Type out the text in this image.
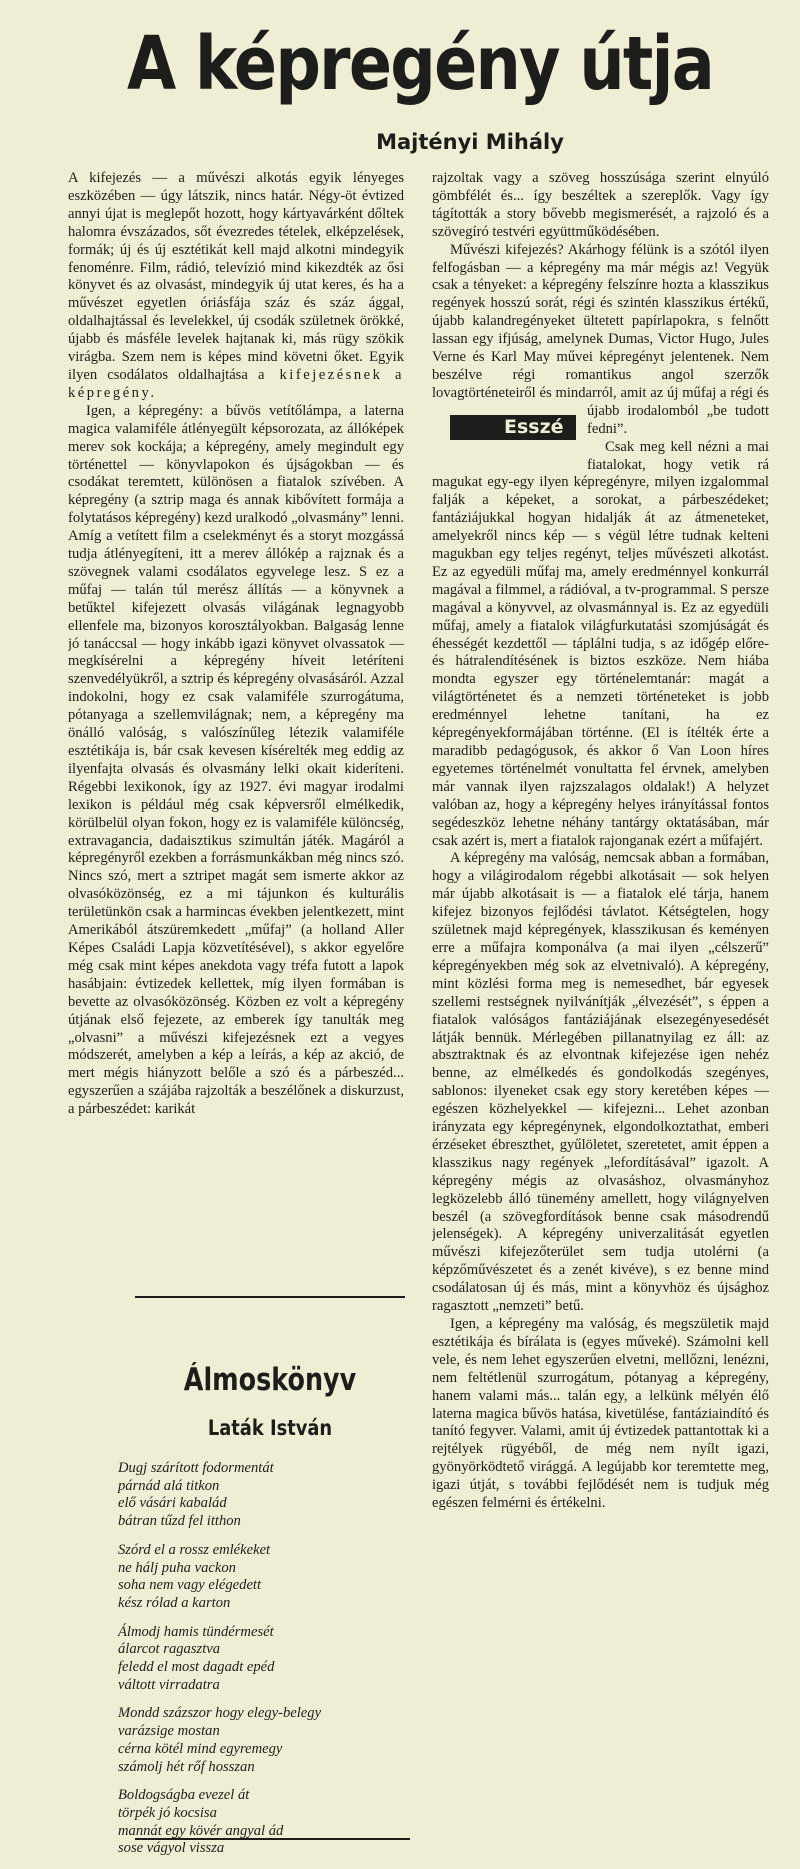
A képregény útja
Majtényi Mihály

A kifejezés — a művészi alkotás egyik lényeges eszközében — úgy látszik, nincs határ. Négy-öt évtized annyi újat is meglepőt hozott, hogy kártyavárként dőltek halomra évszázados, sőt évezredes tételek, elképzelések, formák; új és új esztétikát kell majd alkotni mindegyik fenoménre. Film, rádió, televízió mind kikezdték az ősi könyvet és az olvasást, mindegyik új utat keres, és ha a művészet egyetlen óriásfája száz és száz ággal, oldalhajtással és levelekkel, új csodák születnek örökké, újabb és másféle levelek hajtanak ki, más rügy szökik virágba. Szem nem is képes mind követni őket. Egyik ilyen csodálatos oldalhajtása a kifejezésnek a képregény.

Igen, a képregény: a bűvös vetítőlámpa, a laterna magica valamiféle átlényegült képsorozata, az állóképek merev sok kockája; a képregény, amely megindult egy történettel — könyvlapokon és újságokban — és csodákat teremtett, különösen a fiatalok szívében. A képregény (a sztrip maga és annak kibővített formája a folytatásos képregény) kezd uralkodó „olvasmány” lenni. Amíg a vetített film a cselekményt és a storyt mozgássá tudja átlényegíteni, itt a merev állókép a rajznak és a szövegnek valami csodálatos egyvelege lesz. S ez a műfaj — talán túl merész állítás — a könyvnek a betűktel kifejezett olvasás világának legnagyobb ellenfele ma, bizonyos korosztályokban. Balgaság lenne jó tanáccsal — hogy inkább igazi könyvet olvassatok — megkísérelni a képregény híveit letéríteni szenvedélyükről, a sztrip és képregény olvasásáról. Azzal indokolni, hogy ez csak valamiféle szurrogátuma, pótanyaga a szellemvilágnak; nem, a képregény ma önálló valóság, s valószínűleg létezik valamiféle esztétikája is, bár csak kevesen kísérelték meg eddig az ilyenfajta olvasás és olvasmány lelki okait kideríteni. Régebbi lexikonok, így az 1927. évi magyar irodalmi lexikon is például még csak képversről elmélkedik, körülbelül olyan fokon, hogy ez is valamiféle különcség, extravagancia, dadaisztikus szimultán játék. Magáról a képregényről ezekben a forrásmunkákban még nincs szó. Nincs szó, mert a sztripet magát sem ismerte akkor az olvasóközönség, ez a mi tájunkon és kulturális területünkön csak a harmincas években jelentkezett, mint Amerikából átszüremkedett „műfaj” (a holland Aller Képes Családi Lapja közvetítésével), s akkor egyelőre még csak mint képes anekdota vagy tréfa futott a lapok hasábjain: évtizedek kellettek, míg ilyen formában is bevette az olvasóközönség. Közben ez volt a képregény útjának első fejezete, az emberek így tanulták meg „olvasni” a művészi kifejezésnek ezt a vegyes módszerét, amelyben a kép a leírás, a kép az akció, de mert mégis hiányzott belőle a szó és a párbeszéd... egyszerűen a szájába rajzolták a beszélőnek a diskurzust, a párbeszédet: karikát

rajzoltak vagy a szöveg hosszúsága szerint elnyúló gömbfélét és... így beszéltek a szereplők. Vagy így tágították a story bővebb megismerését, a rajzoló és a szövegíró testvéri együttműködésében.

Művészi kifejezés? Akárhogy félünk is a szótól ilyen felfogásban — a képregény ma már mégis az! Vegyük csak a tényeket: a képregény felszínre hozta a klasszikus regények hosszú sorát, régi és szintén klasszikus értékű, újabb kalandregényeket ültetett papírlapokra, s felnőtt lassan egy ifjúság, amelynek Dumas, Victor Hugo, Jules Verne és Karl May művei képregényt jelentenek. Nem beszélve régi romantikus angol szerzők lovagtörténeteiről és mindarról, amit az új
Esszé
műfaj a régi és újabb irodalomból „be tudott fedni”.

Csak meg kell nézni a mai fiatalokat, hogy vetik rá magukat egy-egy ilyen képregényre, milyen izgalommal falják a képeket, a sorokat, a párbeszédeket; fantáziájukkal hogyan hidalják át az átmeneteket, amelyekről nincs kép — s végül létre tudnak kelteni magukban egy teljes regényt, teljes művészeti alkotást. Ez az egyedüli műfaj ma, amely eredménnyel konkurrál magával a filmmel, a rádióval, a tv-programmal. S persze magával a könyvvel, az olvasmánnyal is. Ez az egyedüli műfaj, amely a fiatalok világfurkutatási szomjúságát és éhességét kezdettől — táplálni tudja, s az időgép előre- és hátralendítésének is biztos eszköze. Nem hiába mondta egyszer egy történelemtanár: magát a világtörténetet és a nemzeti történeteket is jobb eredménnyel lehetne tanítani, ha ez képregényekformájában történne. (El is ítélték érte a maradibb pedagógusok, és akkor ő Van Loon híres egyetemes történelmét vonultatta fel érvnek, amelyben már vannak ilyen rajzszalagos oldalak!) A helyzet valóban az, hogy a képregény helyes irányítással fontos segédeszköz lehetne néhány tantárgy oktatásában, már csak azért is, mert a fiatalok rajonganak ezért a műfajért.

A képregény ma valóság, nemcsak abban a formában, hogy a világirodalom régebbi alkotásait — sok helyen már újabb alkotásait is — a fiatalok elé tárja, hanem kifejez bizonyos fejlődési távlatot. Kétségtelen, hogy születnek majd képregények, klasszikusan és keményen erre a műfajra komponálva (a mai ilyen „célszerű” képregényekben még sok az elvetnivaló). A képregény, mint közlési forma meg is nemesedhet, bár egyesek szellemi restségnek nyilvánítják „élvezését”, s éppen a fiatalok valóságos fantáziájának elsezegényesedését látják bennük. Mérlegében pillanatnyilag ez áll: az absztraktnak és az elvontnak kifejezése igen nehéz benne, az elmélkedés és gondolkodás szegényes, sablonos: ilyeneket csak egy story keretében képes — egészen közhelyekkel — kifejezni... Lehet azonban irányzata egy képregénynek, elgondolkoztathat, emberi érzéseket ébreszthet, gyűlöletet, szeretetet, amit éppen a klasszikus nagy regények „lefordításával” igazolt. A képregény mégis az olvasáshoz, olvasmányhoz legközelebb álló tünemény amellett, hogy világnyelven beszél (a szövegfordítások benne csak másodrendű jelenségek). A képregény univerzalitását egyetlen művészi kifejezőterület sem tudja utolérni (a képzőművészetet és a zenét kivéve), s ez benne mind csodálatosan új és más, mint a könyvhöz és újsághoz ragasztott „nemzeti” betű.

Igen, a képregény ma valóság, és megszületik majd esztétikája és bírálata is (egyes műveké). Számolni kell vele, és nem lehet egyszerűen elvetni, mellőzni, lenézni, nem feltétlenül szurrogátum, pótanyag a képregény, hanem valami más... talán egy, a lelkünk mélyén élő laterna magica bűvös hatása, kivetülése, fantáziaindító és tanító fegyver. Valami, amit új évtizedek pattantottak ki a rejtélyek rügyéből, de még nem nyílt igazi, gyönyörködtető virággá. A legújabb kor teremtette meg, igazi útját, s további fejlődését nem is tudjuk még egészen felmérni és értékelni.

Álmoskönyv
Laták István
Dugj szárított fodormentát
párnád alá titkon
elő vásári kabalád
bátran tűzd fel itthon
Szórd el a rossz emlékeket
ne hálj puha vackon
soha nem vagy elégedett
kész rólad a karton
Álmodj hamis tündérmesét
álarcot ragasztva
feledd el most dagadt epéd
váltott virradatra
Mondd százszor hogy elegy-belegy
varázsige mostan
cérna kötél mind egyremegy
számolj hét rőf hosszan
Boldogságba evezel át
törpék jó kocsisa
mannát egy kövér angyal ád
sose vágyol vissza
